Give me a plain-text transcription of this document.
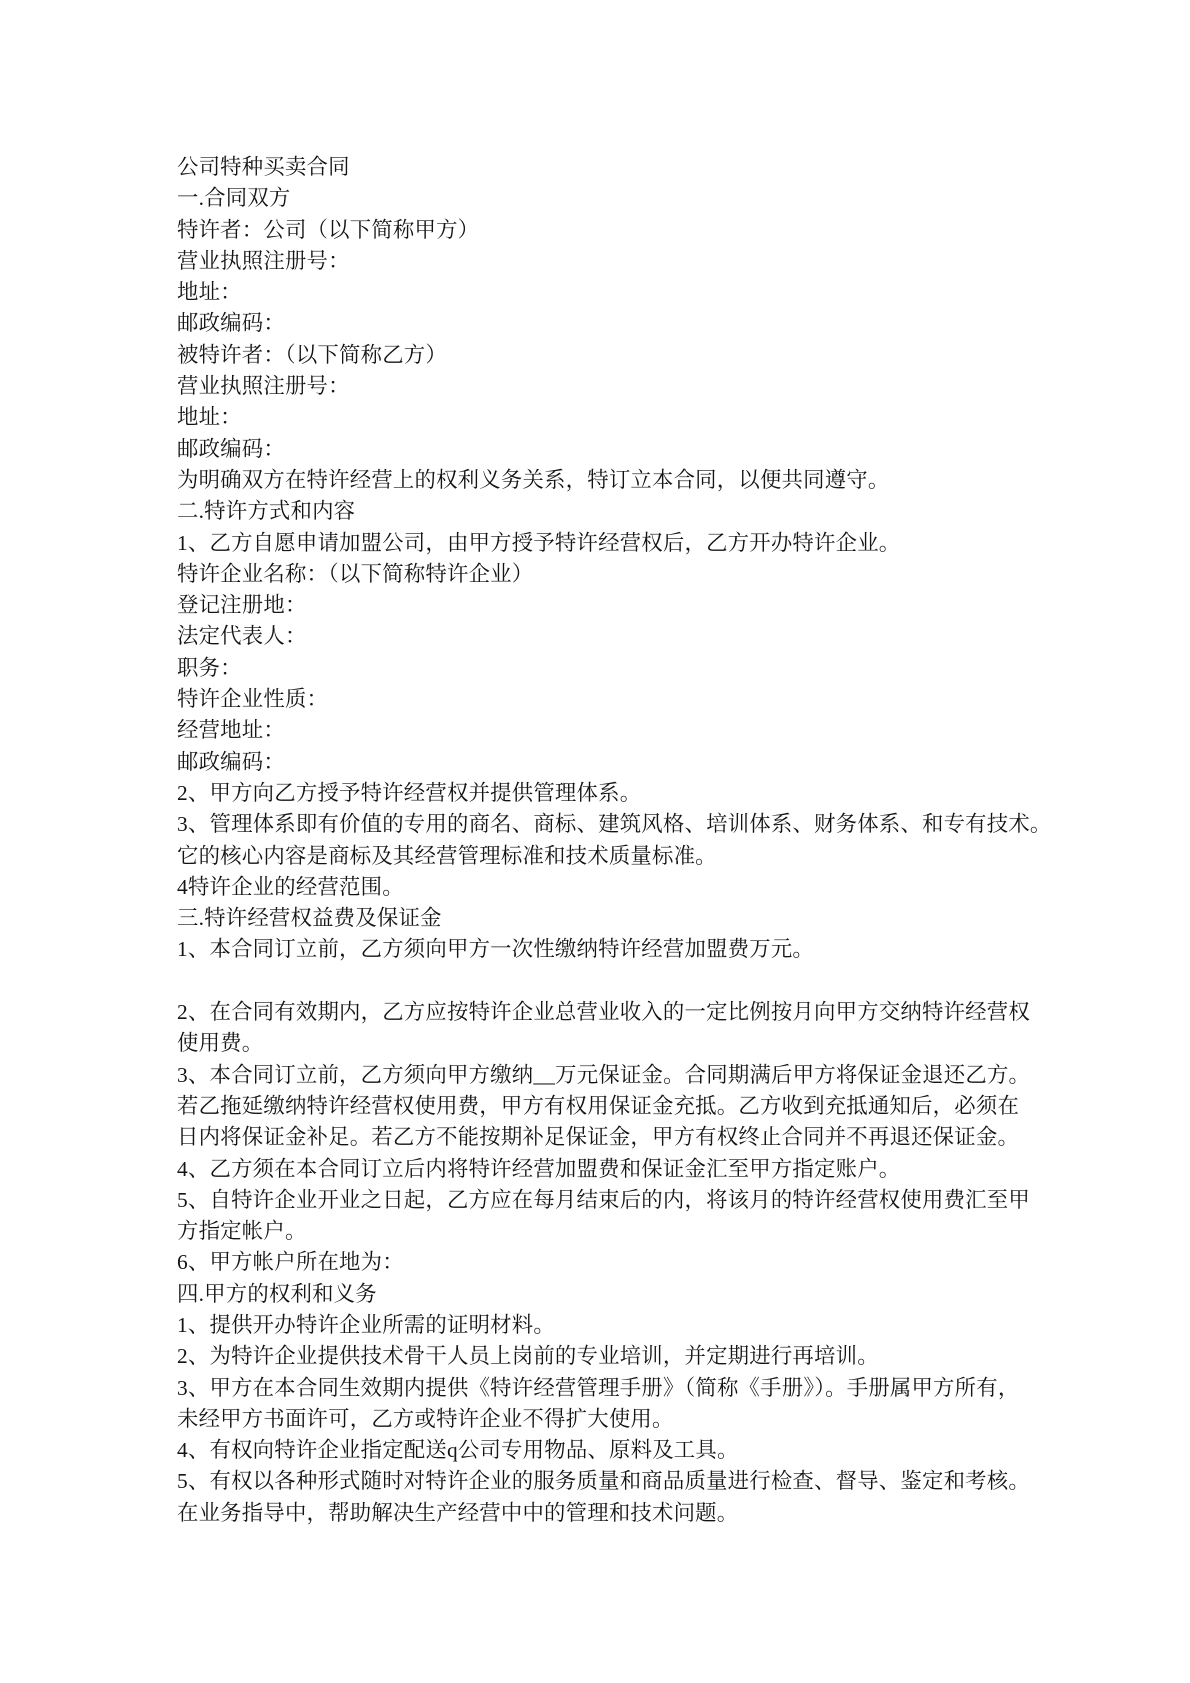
公司特种买卖合同
一.合同双方
特许者：公司（以下简称甲方）
营业执照注册号：
地址：
邮政编码：
被特许者：（以下简称乙方）
营业执照注册号：
地址：
邮政编码：
为明确双方在特许经营上的权利义务关系，特订立本合同，以便共同遵守。
二.特许方式和内容
1、乙方自愿申请加盟公司，由甲方授予特许经营权后，乙方开办特许企业。
特许企业名称：（以下简称特许企业）
登记注册地：
法定代表人：
职务：
特许企业性质：
经营地址：
邮政编码：
2、甲方向乙方授予特许经营权并提供管理体系。
3、管理体系即有价值的专用的商名、商标、建筑风格、培训体系、财务体系、和专有技术。
它的核心内容是商标及其经营管理标准和技术质量标准。
4特许企业的经营范围。
三.特许经营权益费及保证金
1、本合同订立前，乙方须向甲方一次性缴纳特许经营加盟费万元。
2、在合同有效期内，乙方应按特许企业总营业收入的一定比例按月向甲方交纳特许经营权
使用费。
3、本合同订立前，乙方须向甲方缴纳__万元保证金。合同期满后甲方将保证金退还乙方。
若乙拖延缴纳特许经营权使用费，甲方有权用保证金充抵。乙方收到充抵通知后，必须在
日内将保证金补足。若乙方不能按期补足保证金，甲方有权终止合同并不再退还保证金。
4、乙方须在本合同订立后内将特许经营加盟费和保证金汇至甲方指定账户。
5、自特许企业开业之日起，乙方应在每月结束后的内，将该月的特许经营权使用费汇至甲
方指定帐户。
6、甲方帐户所在地为：
四.甲方的权利和义务
1、提供开办特许企业所需的证明材料。
2、为特许企业提供技术骨干人员上岗前的专业培训，并定期进行再培训。
3、甲方在本合同生效期内提供《特许经营管理手册》（简称《手册》）。手册属甲方所有，
未经甲方书面许可，乙方或特许企业不得扩大使用。
4、有权向特许企业指定配送q公司专用物品、原料及工具。
5、有权以各种形式随时对特许企业的服务质量和商品质量进行检查、督导、鉴定和考核。
在业务指导中，帮助解决生产经营中中的管理和技术问题。
